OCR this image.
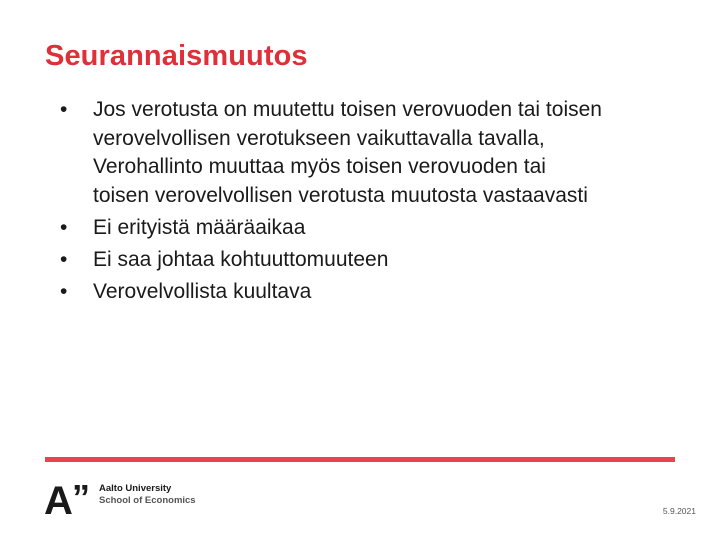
Seurannaismuutos
• Jos verotusta on muutettu toisen verovuoden tai toisen
verovelvollisen verotukseen vaikuttavalla tavalla,
Verohallinto muuttaa myös toisen verovuoden tai
toisen verovelvollisen verotusta muutosta vastaavasti
• Ei erityistä määräaikaa
• Ei saa johtaa kohtuuttomuuteen
• Verovelvollista kuultava
A ” Aalto University
School of Economics
5.9.2021
